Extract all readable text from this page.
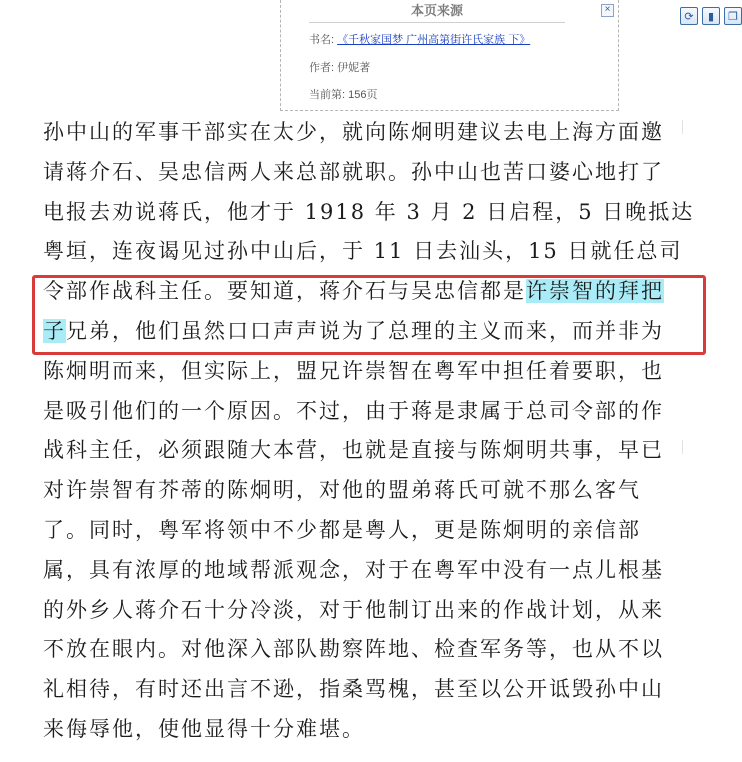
本页来源	×
书名: 《千秋家国梦 广州高第街许氏家族 下》
作者: 伊妮著
当前第: 156页
⟳	▮	❐
孙中山的军事干部实在太少，就向陈炯明建议去电上海方面邀
请蒋介石、吴忠信两人来总部就职。孙中山也苦口婆心地打了
电报去劝说蒋氏，他才于 1918 年 3 月 2 日启程，5 日晚抵达
粤垣，连夜谒见过孙中山后，于 11 日去汕头，15 日就任总司
令部作战科主任。要知道，蒋介石与吴忠信都是许崇智的拜把
子兄弟，他们虽然口口声声说为了总理的主义而来，而并非为
陈炯明而来，但实际上，盟兄许崇智在粤军中担任着要职，也
是吸引他们的一个原因。不过，由于蒋是隶属于总司令部的作
战科主任，必须跟随大本营，也就是直接与陈炯明共事，早已
对许崇智有芥蒂的陈炯明，对他的盟弟蒋氏可就不那么客气
了。同时，粤军将领中不少都是粤人，更是陈炯明的亲信部
属，具有浓厚的地域帮派观念，对于在粤军中没有一点儿根基
的外乡人蒋介石十分冷淡，对于他制订出来的作战计划，从来
不放在眼内。对他深入部队勘察阵地、检查军务等，也从不以
礼相待，有时还出言不逊，指桑骂槐，甚至以公开诋毁孙中山
来侮辱他，使他显得十分难堪。
